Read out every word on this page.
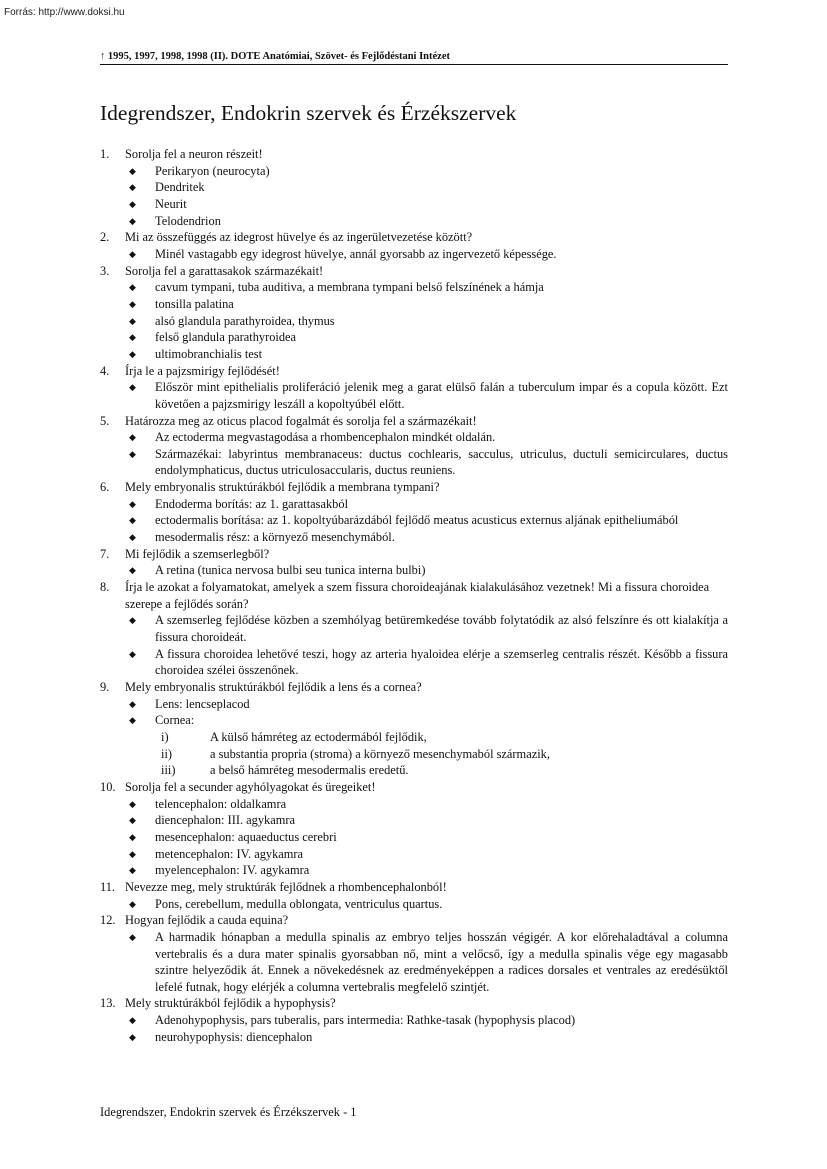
Forrás: http://www.doksi.hu
↑ 1995, 1997, 1998, 1998 (II). DOTE Anatómiai, Szövet- és Fejlődéstani Intézet
Idegrendszer, Endokrin szervek és Érzékszervek
1. Sorolja fel a neuron részeit!
◆ Perikaryon (neurocyta)
◆ Dendritek
◆ Neurit
◆ Telodendrion
2. Mi az összefüggés az idegrost hüvelye és az ingerületvezetése között?
◆ Minél vastagabb egy idegrost hüvelye, annál gyorsabb az ingervezető képessége.
3. Sorolja fel a garattasakok származékait!
◆ cavum tympani, tuba auditiva, a membrana tympani belső felszínének a hámja
◆ tonsilla palatina
◆ alsó glandula parathyroidea, thymus
◆ felső glandula parathyroidea
◆ ultimobranchialis test
4. Írja le a pajzsmirigy fejlődését!
◆ Először mint epithelialis proliferáció jelenik meg a garat elülső falán a tuberculum impar és a copula között. Ezt követően a pajzsmirigy leszáll a kopoltyúbél előtt.
5. Határozza meg az oticus placod fogalmát és sorolja fel a származékait!
◆ Az ectoderma megvastagodása a rhombencephalon mindkét oldalán.
◆ Származékai: labyrintus membranaceus: ductus cochlearis, sacculus, utriculus, ductuli semicirculares, ductus endolymphaticus, ductus utriculosaccularis, ductus reuniens.
6. Mely embryonalis struktúrákból fejlődik a membrana tympani?
◆ Endoderma borítás: az 1. garattasakból
◆ ectodermalis borítása: az 1. kopoltyúbarázdából fejlődő meatus acusticus externus aljának epitheliumából
◆ mesodermalis rész: a környező mesenchymából.
7. Mi fejlődik a szemserlegből?
◆ A retina (tunica nervosa bulbi seu tunica interna bulbi)
8. Írja le azokat a folyamatokat, amelyek a szem fissura choroideajának kialakulásához vezetnek! Mi a fissura choroidea szerepe a fejlődés során?
◆ A szemserleg fejlődése közben a szemhólyag betüremkedése tovább folytatódik az alsó felszínre és ott kialakítja a fissura choroideát.
◆ A fissura choroidea lehetővé teszi, hogy az arteria hyaloidea elérje a szemserleg centralis részét. Később a fissura choroidea szélei összenőnek.
9. Mely embryonalis struktúrákból fejlődik a lens és a cornea?
◆ Lens: lencseplacod
◆ Cornea:
i)	A külső hámréteg az ectodermából fejlődik,
ii)	a substantia propria (stroma) a környező mesenchymaból származik,
iii)	a belső hámréteg mesodermalis eredetű.
10. Sorolja fel a secunder agyhólyagokat és üregeiket!
◆ telencephalon: oldalkamra
◆ diencephalon: III. agykamra
◆ mesencephalon: aquaeductus cerebri
◆ metencephalon: IV. agykamra
◆ myelencephalon: IV. agykamra
11. Nevezze meg, mely struktúrák fejlődnek a rhombencephalonból!
◆ Pons, cerebellum, medulla oblongata, ventriculus quartus.
12. Hogyan fejlődik a cauda equina?
◆ A harmadik hónapban a medulla spinalis az embryo teljes hosszán végigér. A kor előrehaladtával a columna vertebralis és a dura mater spinalis gyorsabban nő, mint a velőcső, így a medulla spinalis vége egy magasabb szintre helyeződik át. Ennek a növekedésnek az eredményeképpen a radices dorsales et ventrales az eredésüktől lefelé futnak, hogy elérjék a columna vertebralis megfelelő szintjét.
13. Mely struktúrákból fejlődik a hypophysis?
◆ Adenohypophysis, pars tuberalis, pars intermedia: Rathke-tasak (hypophysis placod)
◆ neurohypophysis: diencephalon
Idegrendszer, Endokrin szervek és Érzékszervek - 1
